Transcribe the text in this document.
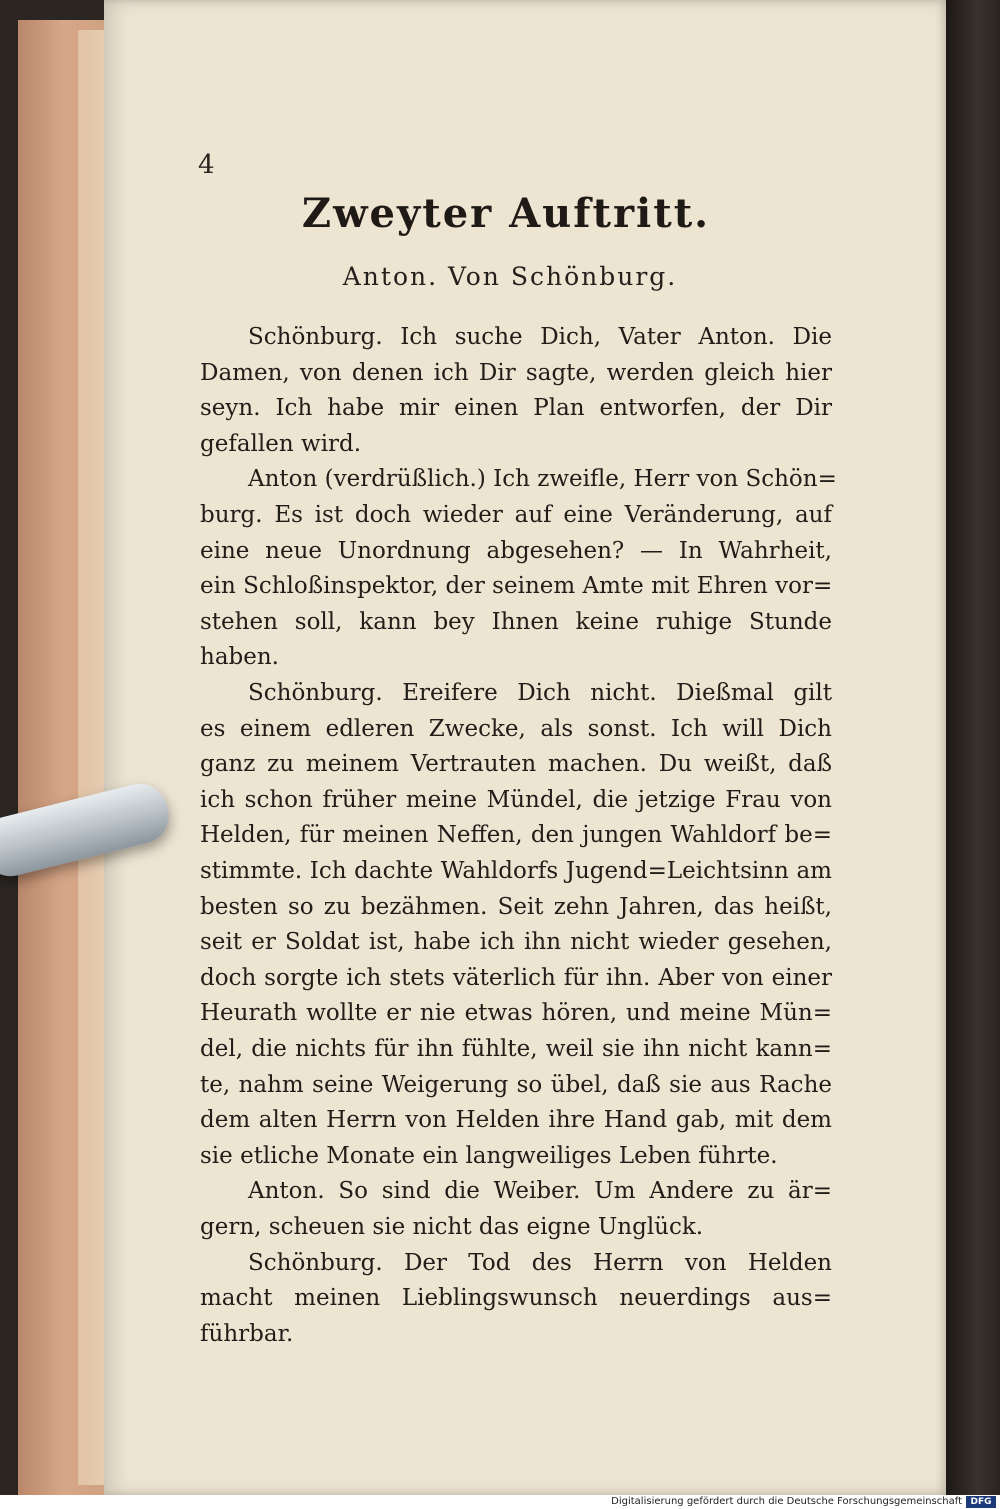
4
Zweyter Auftritt.
Anton. Von Schönburg.
Schönburg. Ich suche Dich, Vater Anton. Die
Damen, von denen ich Dir sagte, werden gleich hier
seyn. Ich habe mir einen Plan entworfen, der Dir
gefallen wird.
Anton (verdrüßlich.) Ich zweifle, Herr von Schön=
burg. Es ist doch wieder auf eine Veränderung, auf
eine neue Unordnung abgesehen? — In Wahrheit,
ein Schloßinspektor, der seinem Amte mit Ehren vor=
stehen soll, kann bey Ihnen keine ruhige Stunde
haben.
Schönburg. Ereifere Dich nicht. Dießmal gilt
es einem edleren Zwecke, als sonst. Ich will Dich
ganz zu meinem Vertrauten machen. Du weißt, daß
ich schon früher meine Mündel, die jetzige Frau von
Helden, für meinen Neffen, den jungen Wahldorf be=
stimmte. Ich dachte Wahldorfs Jugend=Leichtsinn am
besten so zu bezähmen. Seit zehn Jahren, das heißt,
seit er Soldat ist, habe ich ihn nicht wieder gesehen,
doch sorgte ich stets väterlich für ihn. Aber von einer
Heurath wollte er nie etwas hören, und meine Mün=
del, die nichts für ihn fühlte, weil sie ihn nicht kann=
te, nahm seine Weigerung so übel, daß sie aus Rache
dem alten Herrn von Helden ihre Hand gab, mit dem
sie etliche Monate ein langweiliges Leben führte.
Anton. So sind die Weiber. Um Andere zu är=
gern, scheuen sie nicht das eigne Unglück.
Schönburg. Der Tod des Herrn von Helden
macht meinen Lieblingswunsch neuerdings aus=
führbar.
Digitalisierung gefördert durch die Deutsche Forschungsgemeinschaft DFG
